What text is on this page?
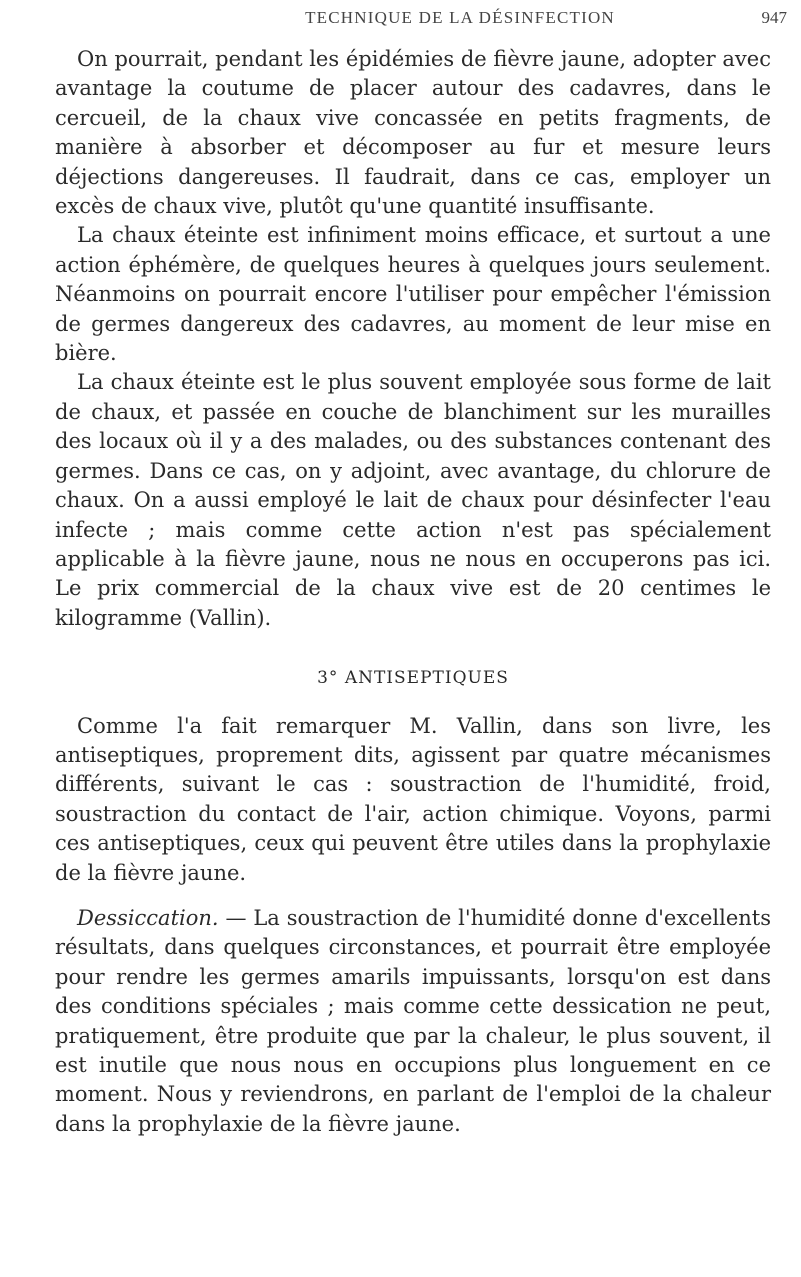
TECHNIQUE DE LA DÉSINFECTION	947

On pourrait, pendant les épidémies de fièvre jaune, adopter avec avantage la coutume de placer autour des cadavres, dans le cercueil, de la chaux vive concassée en petits fragments, de manière à absorber et décomposer au fur et mesure leurs déjections dangereuses. Il faudrait, dans ce cas, employer un excès de chaux vive, plutôt qu'une quantité insuffisante.

La chaux éteinte est infiniment moins efficace, et surtout a une action éphémère, de quelques heures à quelques jours seulement. Néanmoins on pourrait encore l'utiliser pour empêcher l'émission de germes dangereux des cadavres, au moment de leur mise en bière.

La chaux éteinte est le plus souvent employée sous forme de lait de chaux, et passée en couche de blanchiment sur les murailles des locaux où il y a des malades, ou des substances contenant des germes. Dans ce cas, on y adjoint, avec avantage, du chlorure de chaux. On a aussi employé le lait de chaux pour désinfecter l'eau infecte ; mais comme cette action n'est pas spécialement applicable à la fièvre jaune, nous ne nous en occuperons pas ici. Le prix commercial de la chaux vive est de 20 centimes le kilogramme (Vallin).

3° ANTISEPTIQUES

Comme l'a fait remarquer M. Vallin, dans son livre, les antiseptiques, proprement dits, agissent par quatre mécanismes différents, suivant le cas : soustraction de l'humidité, froid, soustraction du contact de l'air, action chimique. Voyons, parmi ces antiseptiques, ceux qui peuvent être utiles dans la prophylaxie de la fièvre jaune.

Dessiccation. — La soustraction de l'humidité donne d'excellents résultats, dans quelques circonstances, et pourrait être employée pour rendre les germes amarils impuissants, lorsqu'on est dans des conditions spéciales ; mais comme cette dessication ne peut, pratiquement, être produite que par la chaleur, le plus souvent, il est inutile que nous nous en occupions plus longuement en ce moment. Nous y reviendrons, en parlant de l'emploi de la chaleur dans la prophylaxie de la fièvre jaune.
